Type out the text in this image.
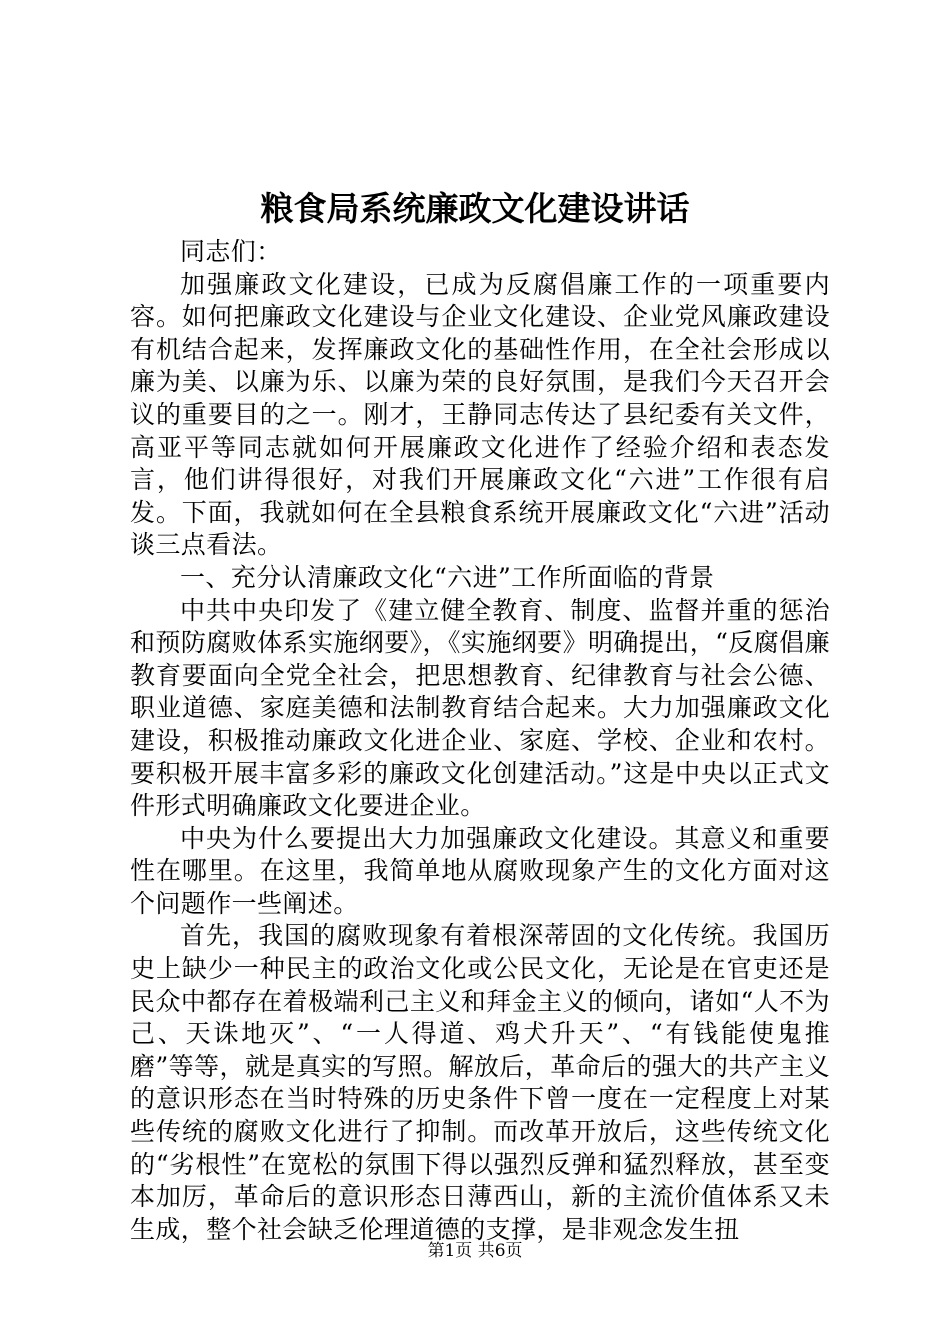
粮食局系统廉政文化建设讲话

同志们：

加强廉政文化建设，已成为反腐倡廉工作的一项重要内容。如何把廉政文化建设与企业文化建设、企业党风廉政建设有机结合起来，发挥廉政文化的基础性作用，在全社会形成以廉为美、以廉为乐、以廉为荣的良好氛围，是我们今天召开会议的重要目的之一。刚才，王静同志传达了县纪委有关文件，高亚平等同志就如何开展廉政文化进作了经验介绍和表态发言，他们讲得很好，对我们开展廉政文化“六进”工作很有启发。下面，我就如何在全县粮食系统开展廉政文化“六进”活动谈三点看法。

一、充分认清廉政文化“六进”工作所面临的背景

中共中央印发了《建立健全教育、制度、监督并重的惩治和预防腐败体系实施纲要》，《实施纲要》明确提出，“反腐倡廉教育要面向全党全社会，把思想教育、纪律教育与社会公德、职业道德、家庭美德和法制教育结合起来。大力加强廉政文化建设，积极推动廉政文化进企业、家庭、学校、企业和农村。要积极开展丰富多彩的廉政文化创建活动。”这是中央以正式文件形式明确廉政文化要进企业。

中央为什么要提出大力加强廉政文化建设。其意义和重要性在哪里。在这里，我简单地从腐败现象产生的文化方面对这个问题作一些阐述。

首先，我国的腐败现象有着根深蒂固的文化传统。我国历史上缺少一种民主的政治文化或公民文化，无论是在官吏还是民众中都存在着极端利己主义和拜金主义的倾向，诸如“人不为己、天诛地灭”、“一人得道、鸡犬升天”、“有钱能使鬼推磨”等等，就是真实的写照。解放后，革命后的强大的共产主义的意识形态在当时特殊的历史条件下曾一度在一定程度上对某些传统的腐败文化进行了抑制。而改革开放后，这些传统文化的“劣根性”在宽松的氛围下得以强烈反弹和猛烈释放，甚至变本加厉，革命后的意识形态日薄西山，新的主流价值体系又未生成，整个社会缺乏伦理道德的支撑，是非观念发生扭

第1页 共6页
